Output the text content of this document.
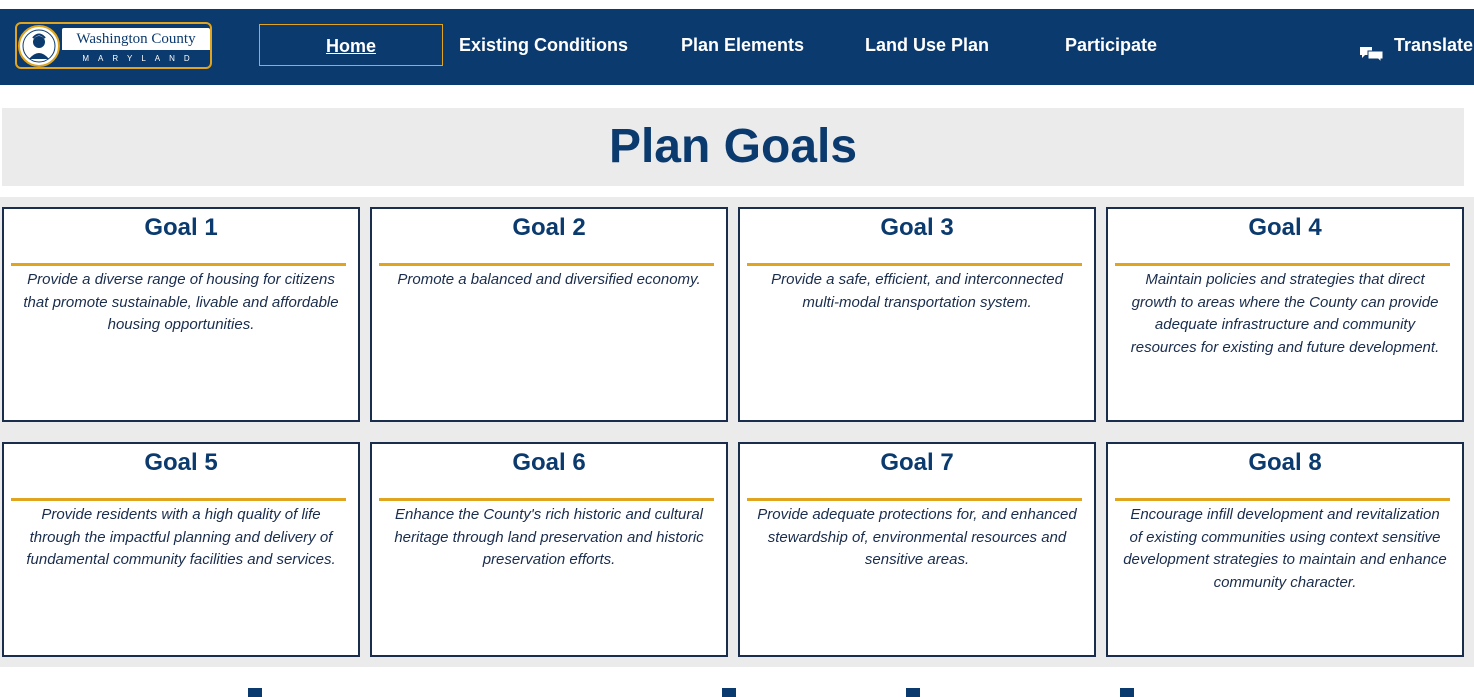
Washington County
MARYLAND
Home	Existing Conditions	Plan Elements	Land Use Plan	Participate	Translate
Plan Goals
Goal 1

Provide a diverse range of housing for citizens that promote sustainable, livable and affordable housing opportunities.

Goal 2

Promote a balanced and diversified economy.

Goal 3

Provide a safe, efficient, and interconnected multi-modal transportation system.

Goal 4

Maintain policies and strategies that direct growth to areas where the County can provide adequate infrastructure and community resources for existing and future development.

Goal 5

Provide residents with a high quality of life through the impactful planning and delivery of fundamental community facilities and services.

Goal 6

Enhance the County's rich historic and cultural heritage through land preservation and historic preservation efforts.

Goal 7

Provide adequate protections for, and enhanced stewardship of, environmental resources and sensitive areas.

Goal 8

Encourage infill development and revitalization of existing communities using context sensitive development strategies to maintain and enhance community character.
